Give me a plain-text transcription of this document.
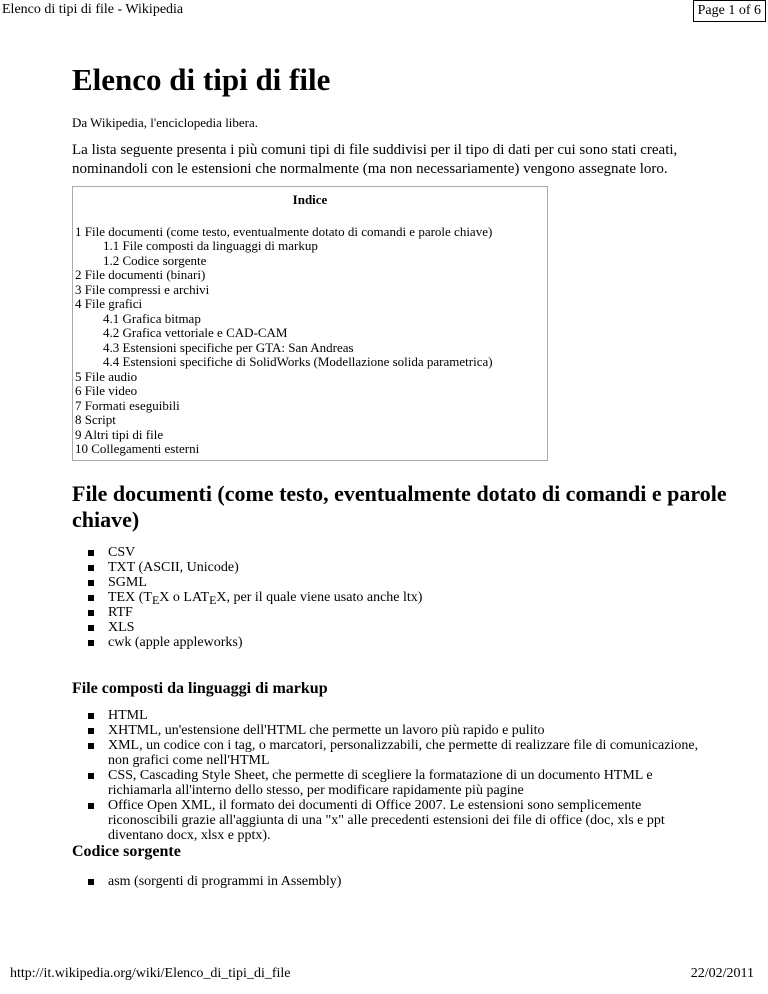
Elenco di tipi di file - Wikipedia	Page 1 of 6
Elenco di tipi di file

Da Wikipedia, l'enciclopedia libera.

La lista seguente presenta i più comuni tipi di file suddivisi per il tipo di dati per cui sono stati creati, nominandoli con le estensioni che normalmente (ma non necessariamente) vengono assegnate loro.

Indice
1 File documenti (come testo, eventualmente dotato di comandi e parole chiave)
1.1 File composti da linguaggi di markup
1.2 Codice sorgente
2 File documenti (binari)
3 File compressi e archivi
4 File grafici
4.1 Grafica bitmap
4.2 Grafica vettoriale e CAD-CAM
4.3 Estensioni specifiche per GTA: San Andreas
4.4 Estensioni specifiche di SolidWorks (Modellazione solida parametrica)
5 File audio
6 File video
7 Formati eseguibili
8 Script
9 Altri tipi di file
10 Collegamenti esterni
File documenti (come testo, eventualmente dotato di comandi e parole chiave)
CSV
TXT (ASCII, Unicode)
SGML
TEX (TEX o LATEX, per il quale viene usato anche ltx)
RTF
XLS
cwk (apple appleworks)
File composti da linguaggi di markup
HTML
XHTML, un'estensione dell'HTML che permette un lavoro più rapido e pulito
XML, un codice con i tag, o marcatori, personalizzabili, che permette di realizzare file di comunicazione, non grafici come nell'HTML
CSS, Cascading Style Sheet, che permette di scegliere la formatazione di un documento HTML e richiamarla all'interno dello stesso, per modificare rapidamente più pagine
Office Open XML, il formato dei documenti di Office 2007. Le estensioni sono semplicemente riconoscibili grazie all'aggiunta di una "x" alle precedenti estensioni dei file di office (doc, xls e ppt diventano docx, xlsx e pptx).
Codice sorgente
asm (sorgenti di programmi in Assembly)
http://it.wikipedia.org/wiki/Elenco_di_tipi_di_file	22/02/2011
